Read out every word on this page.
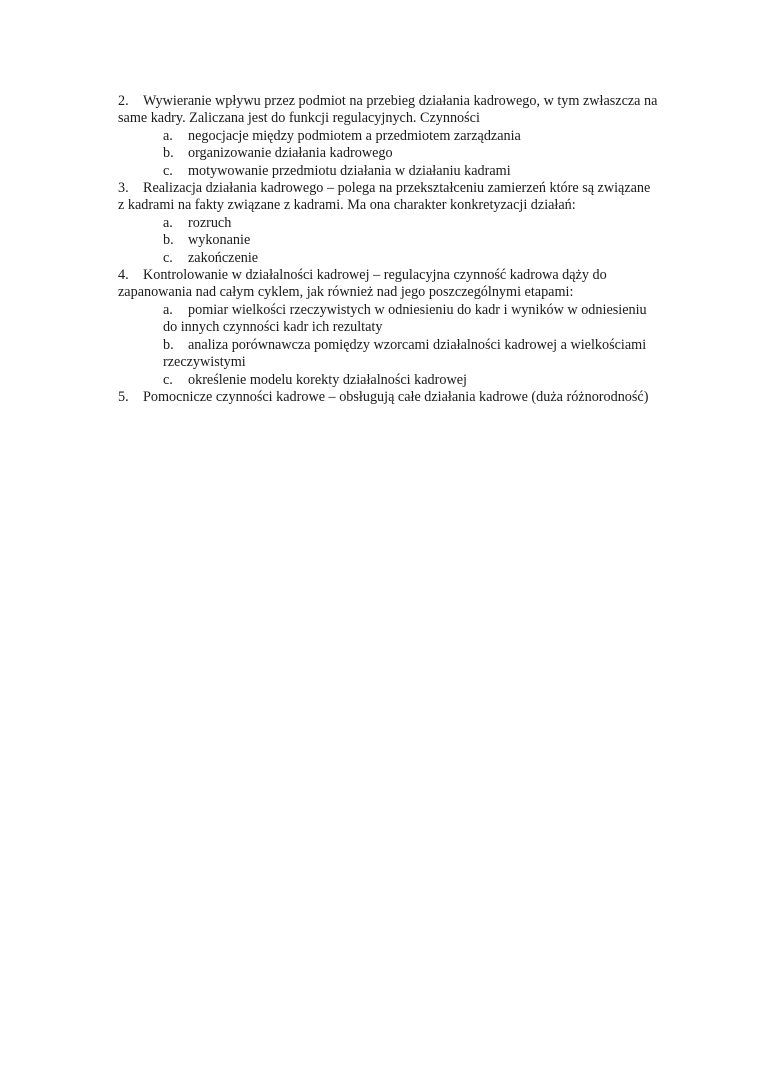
2. Wywieranie wpływu przez podmiot na przebieg działania kadrowego, w tym zwłaszcza na same kadry. Zaliczana jest do funkcji regulacyjnych. Czynności
a. negocjacje między podmiotem a przedmiotem zarządzania
b. organizowanie działania kadrowego
c. motywowanie przedmiotu działania w działaniu kadrami
3. Realizacja działania kadrowego – polega na przekształceniu zamierzeń które są związane z kadrami na fakty związane z kadrami. Ma ona charakter konkretyzacji działań:
a. rozruch
b. wykonanie
c. zakończenie
4. Kontrolowanie w działalności kadrowej – regulacyjna czynność kadrowa dąży do zapanowania nad całym cyklem, jak również nad jego poszczególnymi etapami:
a. pomiar wielkości rzeczywistych w odniesieniu do kadr i wyników w odniesieniu do innych czynności kadr ich rezultaty
b. analiza porównawcza pomiędzy wzorcami działalności kadrowej a wielkościami rzeczywistymi
c. określenie modelu korekty działalności kadrowej
5. Pomocnicze czynności kadrowe – obsługują całe działania kadrowe (duża różnorodność)
